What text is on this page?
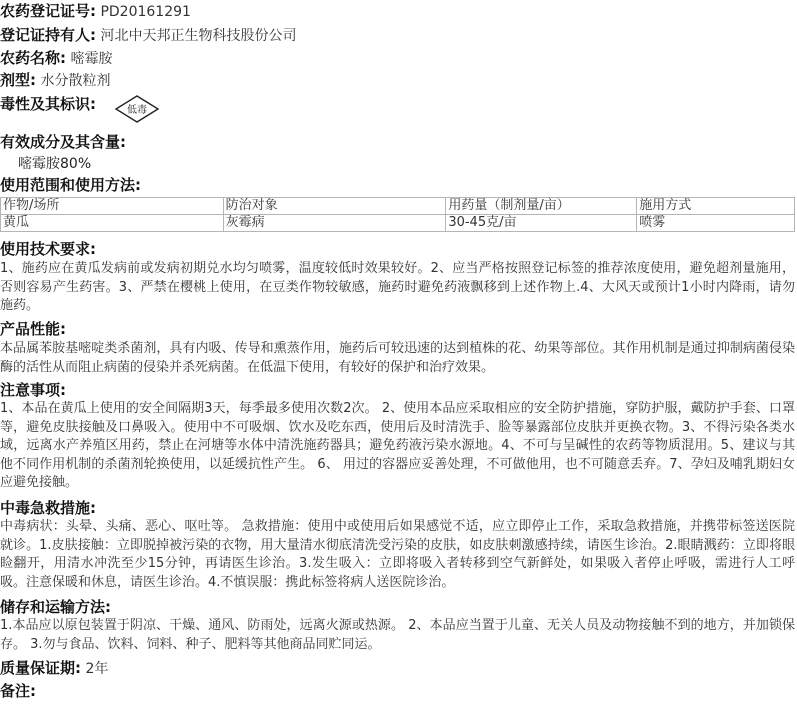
农药登记证号: PD20161291
登记证持有人: 河北中天邦正生物科技股份公司
农药名称: 嘧霉胺
剂型: 水分散粒剂
毒性及其标识:	低毒
有效成分及其含量:
嘧霉胺80%
使用范围和使用方法:
作物/场所	防治对象	用药量（制剂量/亩）	施用方式
黄瓜	灰霉病	30-45克/亩	喷雾
使用技术要求:
1、施药应在黄瓜发病前或发病初期兑水均匀喷雾，温度较低时效果较好。2、应当严格按照登记标签的推荐浓度使用，避免超剂量施用，否则容易产生药害。3、严禁在樱桃上使用，在豆类作物较敏感，施药时避免药液飘移到上述作物上.4、大风天或预计1小时内降雨，请勿施药。
产品性能:
本品属苯胺基嘧啶类杀菌剂，具有内吸、传导和熏蒸作用，施药后可较迅速的达到植株的花、幼果等部位。其作用机制是通过抑制病菌侵染酶的活性从而阻止病菌的侵染并杀死病菌。在低温下使用，有较好的保护和治疗效果。
注意事项:
1、本品在黄瓜上使用的安全间隔期3天，每季最多使用次数2次。 2、使用本品应采取相应的安全防护措施，穿防护服，戴防护手套、口罩等，避免皮肤接触及口鼻吸入。使用中不可吸烟、饮水及吃东西，使用后及时清洗手、脸等暴露部位皮肤并更换衣物。3、不得污染各类水域，远离水产养殖区用药，禁止在河塘等水体中清洗施药器具；避免药液污染水源地。4、不可与呈碱性的农药等物质混用。5、建议与其他不同作用机制的杀菌剂轮换使用，以延缓抗性产生。 6、 用过的容器应妥善处理，不可做他用，也不可随意丢弃。7、孕妇及哺乳期妇女应避免接触。
中毒急救措施:
中毒病状：头晕、头痛、恶心、呕吐等。 急救措施：使用中或使用后如果感觉不适，应立即停止工作，采取急救措施，并携带标签送医院就诊。1.皮肤接触：立即脱掉被污染的衣物，用大量清水彻底清洗受污染的皮肤，如皮肤刺激感持续，请医生诊治。2.眼睛溅药：立即将眼睑翻开，用清水冲洗至少15分钟，再请医生诊治。3.发生吸入：立即将吸入者转移到空气新鲜处，如果吸入者停止呼吸，需进行人工呼吸。注意保暖和休息，请医生诊治。4.不慎误服：携此标签将病人送医院诊治。
储存和运输方法:
1.本品应以原包装置于阴凉、干燥、通风、防雨处，远离火源或热源。 2、本品应当置于儿童、无关人员及动物接触不到的地方，并加锁保存。 3.勿与食品、饮料、饲料、种子、肥料等其他商品同贮同运。
质量保证期: 2年
备注:
